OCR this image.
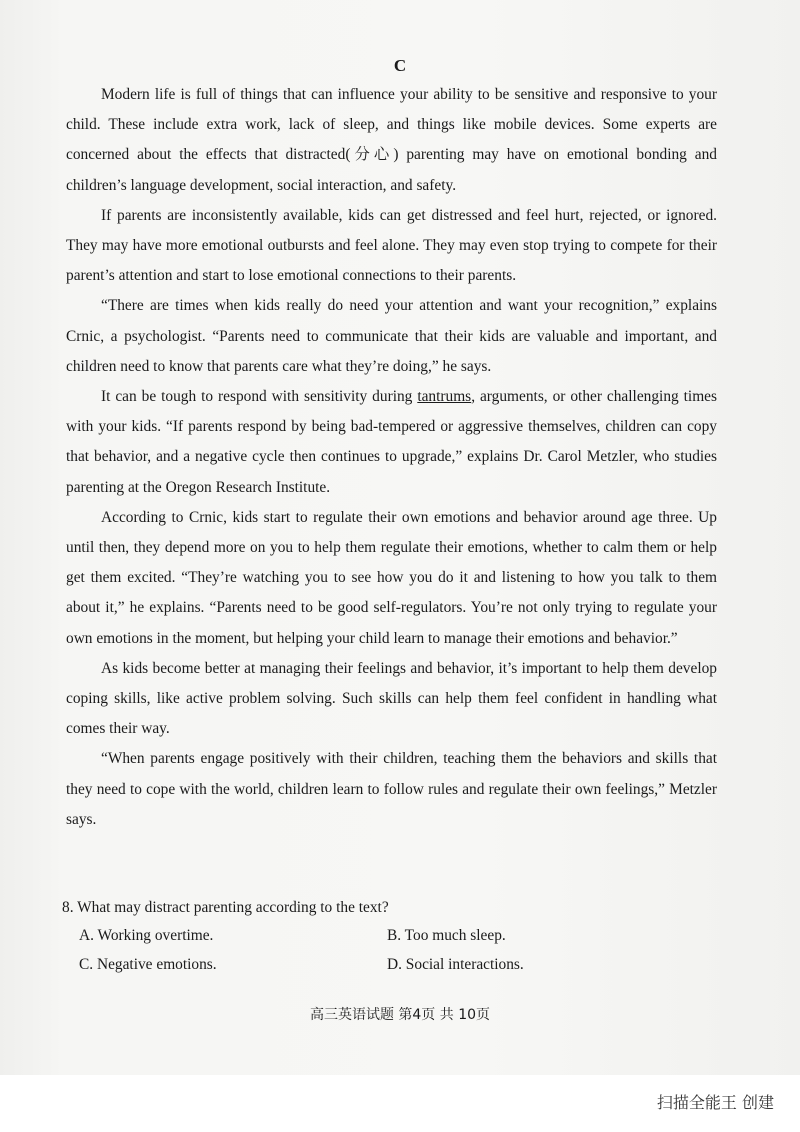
C

Modern life is full of things that can influence your ability to be sensitive and responsive to your child. These include extra work, lack of sleep, and things like mobile devices. Some experts are concerned about the effects that distracted(分心) parenting may have on emotional bonding and children’s language development, social interaction, and safety.

If parents are inconsistently available, kids can get distressed and feel hurt, rejected, or ignored. They may have more emotional outbursts and feel alone. They may even stop trying to compete for their parent’s attention and start to lose emotional connections to their parents.

“There are times when kids really do need your attention and want your recognition,” explains Crnic, a psychologist. “Parents need to communicate that their kids are valuable and important, and children need to know that parents care what they’re doing,” he says.

It can be tough to respond with sensitivity during tantrums, arguments, or other challenging times with your kids. “If parents respond by being bad-tempered or aggressive themselves, children can copy that behavior, and a negative cycle then continues to upgrade,” explains Dr. Carol Metzler, who studies parenting at the Oregon Research Institute.

According to Crnic, kids start to regulate their own emotions and behavior around age three. Up until then, they depend more on you to help them regulate their emotions, whether to calm them or help get them excited. “They’re watching you to see how you do it and listening to how you talk to them about it,” he explains. “Parents need to be good self-regulators. You’re not only trying to regulate your own emotions in the moment, but helping your child learn to manage their emotions and behavior.”

As kids become better at managing their feelings and behavior, it’s important to help them develop coping skills, like active problem solving. Such skills can help them feel confident in handling what comes their way.

“When parents engage positively with their children, teaching them the behaviors and skills that they need to cope with the world, children learn to follow rules and regulate their own feelings,” Metzler says.

8. What may distract parenting according to the text?
A. Working overtime.	B. Too much sleep.
C. Negative emotions.	D. Social interactions.
高三英语试题 第4页 共 10页
扫描全能王 创建
